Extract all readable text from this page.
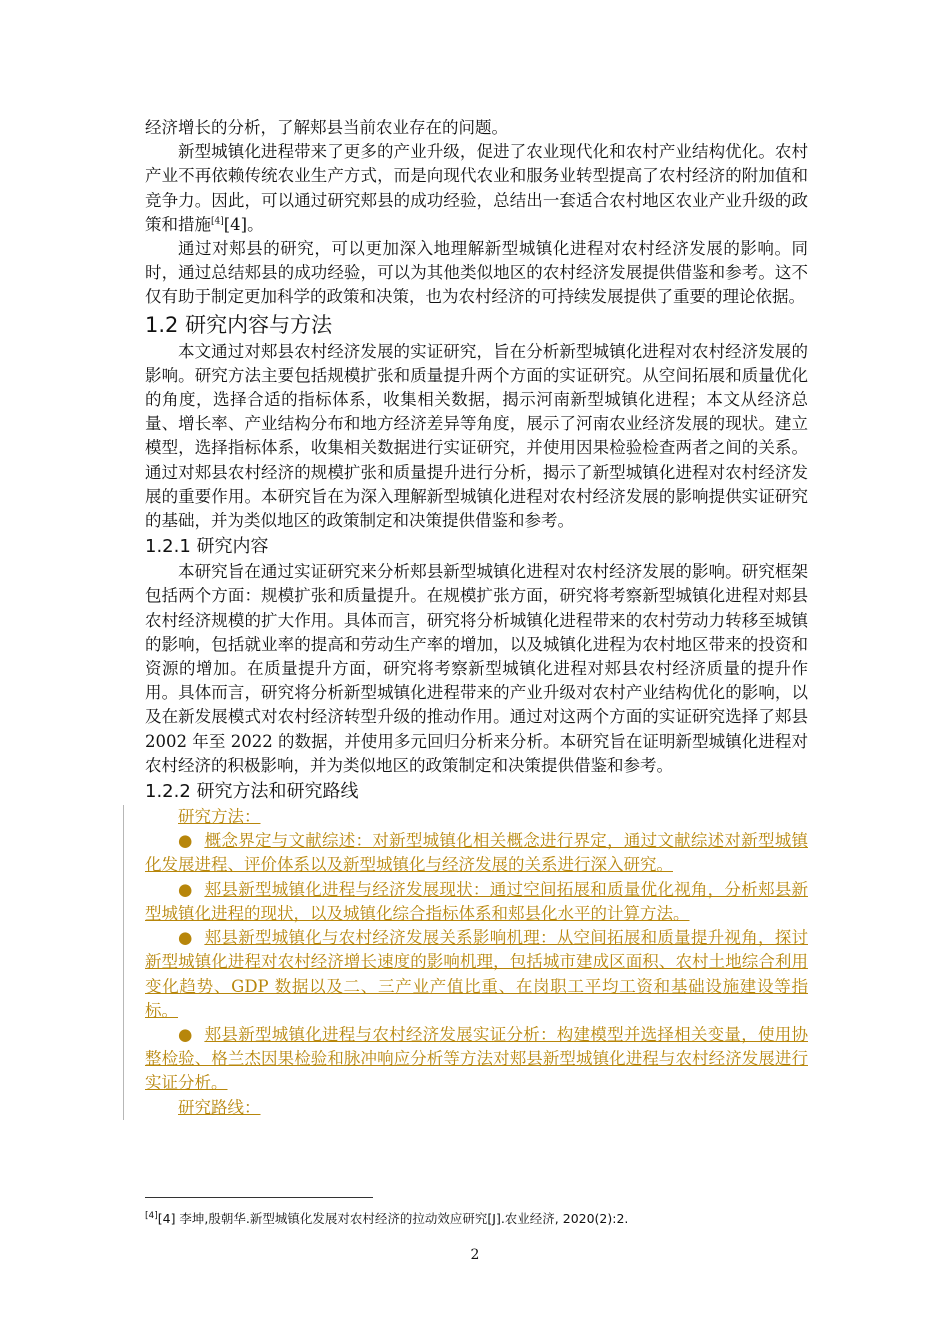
经济增长的分析，了解郏县当前农业存在的问题。

新型城镇化进程带来了更多的产业升级，促进了农业现代化和农村产业结构优化。农村产业不再依赖传统农业生产方式，而是向现代农业和服务业转型提高了农村经济的附加值和竞争力。因此，可以通过研究郏县的成功经验，总结出一套适合农村地区农业产业升级的政策和措施[4][4]。

通过对郏县的研究，可以更加深入地理解新型城镇化进程对农村经济发展的影响。同时，通过总结郏县的成功经验，可以为其他类似地区的农村经济发展提供借鉴和参考。这不仅有助于制定更加科学的政策和决策，也为农村经济的可持续发展提供了重要的理论依据。

1.2 研究内容与方法

本文通过对郏县农村经济发展的实证研究，旨在分析新型城镇化进程对农村经济发展的影响。研究方法主要包括规模扩张和质量提升两个方面的实证研究。从空间拓展和质量优化的角度，选择合适的指标体系，收集相关数据，揭示河南新型城镇化进程；本文从经济总量、增长率、产业结构分布和地方经济差异等角度，展示了河南农业经济发展的现状。建立模型，选择指标体系，收集相关数据进行实证研究，并使用因果检验检查两者之间的关系。通过对郏县农村经济的规模扩张和质量提升进行分析，揭示了新型城镇化进程对农村经济发展的重要作用。本研究旨在为深入理解新型城镇化进程对农村经济发展的影响提供实证研究的基础，并为类似地区的政策制定和决策提供借鉴和参考。

1.2.1 研究内容

本研究旨在通过实证研究来分析郏县新型城镇化进程对农村经济发展的影响。研究框架包括两个方面：规模扩张和质量提升。在规模扩张方面，研究将考察新型城镇化进程对郏县农村经济规模的扩大作用。具体而言，研究将分析城镇化进程带来的农村劳动力转移至城镇的影响，包括就业率的提高和劳动生产率的增加，以及城镇化进程为农村地区带来的投资和资源的增加。在质量提升方面，研究将考察新型城镇化进程对郏县农村经济质量的提升作用。具体而言，研究将分析新型城镇化进程带来的产业升级对农村产业结构优化的影响，以及在新发展模式对农村经济转型升级的推动作用。通过对这两个方面的实证研究选择了郏县 2002 年至 2022 的数据，并使用多元回归分析来分析。本研究旨在证明新型城镇化进程对农村经济的积极影响，并为类似地区的政策制定和决策提供借鉴和参考。

1.2.2 研究方法和研究路线

研究方法：

● 概念界定与文献综述：对新型城镇化相关概念进行界定，通过文献综述对新型城镇化发展进程、评价体系以及新型城镇化与经济发展的关系进行深入研究。

● 郏县新型城镇化进程与经济发展现状：通过空间拓展和质量优化视角，分析郏县新型城镇化进程的现状，以及城镇化综合指标体系和郏县化水平的计算方法。

● 郏县新型城镇化与农村经济发展关系影响机理：从空间拓展和质量提升视角，探讨新型城镇化进程对农村经济增长速度的影响机理，包括城市建成区面积、农村土地综合利用变化趋势、GDP 数据以及二、三产业产值比重、在岗职工平均工资和基础设施建设等指标。

● 郏县新型城镇化进程与农村经济发展实证分析：构建模型并选择相关变量，使用协整检验、格兰杰因果检验和脉冲响应分析等方法对郏县新型城镇化进程与农村经济发展进行实证分析。

研究路线：

[4][4] 李坤,殷朝华.新型城镇化发展对农村经济的拉动效应研究[J].农业经济, 2020(2):2.
2
